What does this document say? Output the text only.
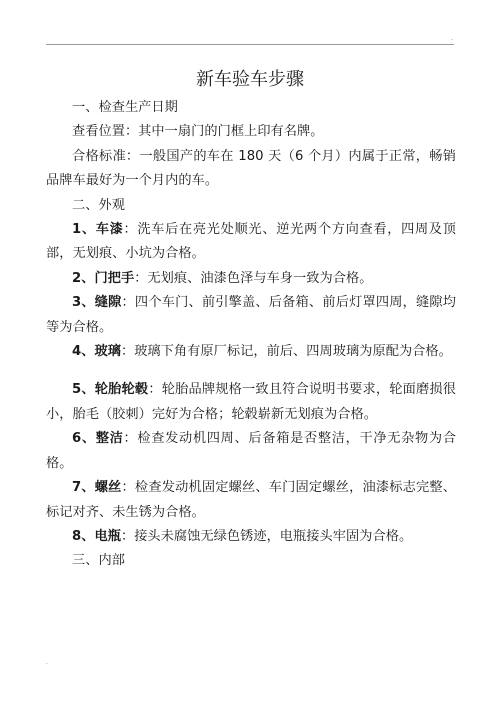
.
新车验车步骤

一、检查生产日期

查看位置：其中一扇门的门框上印有名牌。

合格标准：一般国产的车在 180 天（6 个月）内属于正常，畅销品牌车最好为一个月内的车。

二、外观

1、车漆：洗车后在亮光处顺光、逆光两个方向查看，四周及顶部，无划痕、小坑为合格。

2、门把手：无划痕、油漆色泽与车身一致为合格。

3、缝隙：四个车门、前引擎盖、后备箱、前后灯罩四周，缝隙均等为合格。

4、玻璃：玻璃下角有原厂标记，前后、四周玻璃为原配为合格。

5、轮胎轮毂：轮胎品牌规格一致且符合说明书要求，轮面磨损很小，胎毛（胶刺）完好为合格；轮毂崭新无划痕为合格。

6、整洁：检查发动机四周、后备箱是否整洁，干净无杂物为合格。

7、螺丝：检查发动机固定螺丝、车门固定螺丝，油漆标志完整、标记对齐、未生锈为合格。

8、电瓶：接头未腐蚀无绿色锈迹，电瓶接头牢固为合格。

三、内部

.
